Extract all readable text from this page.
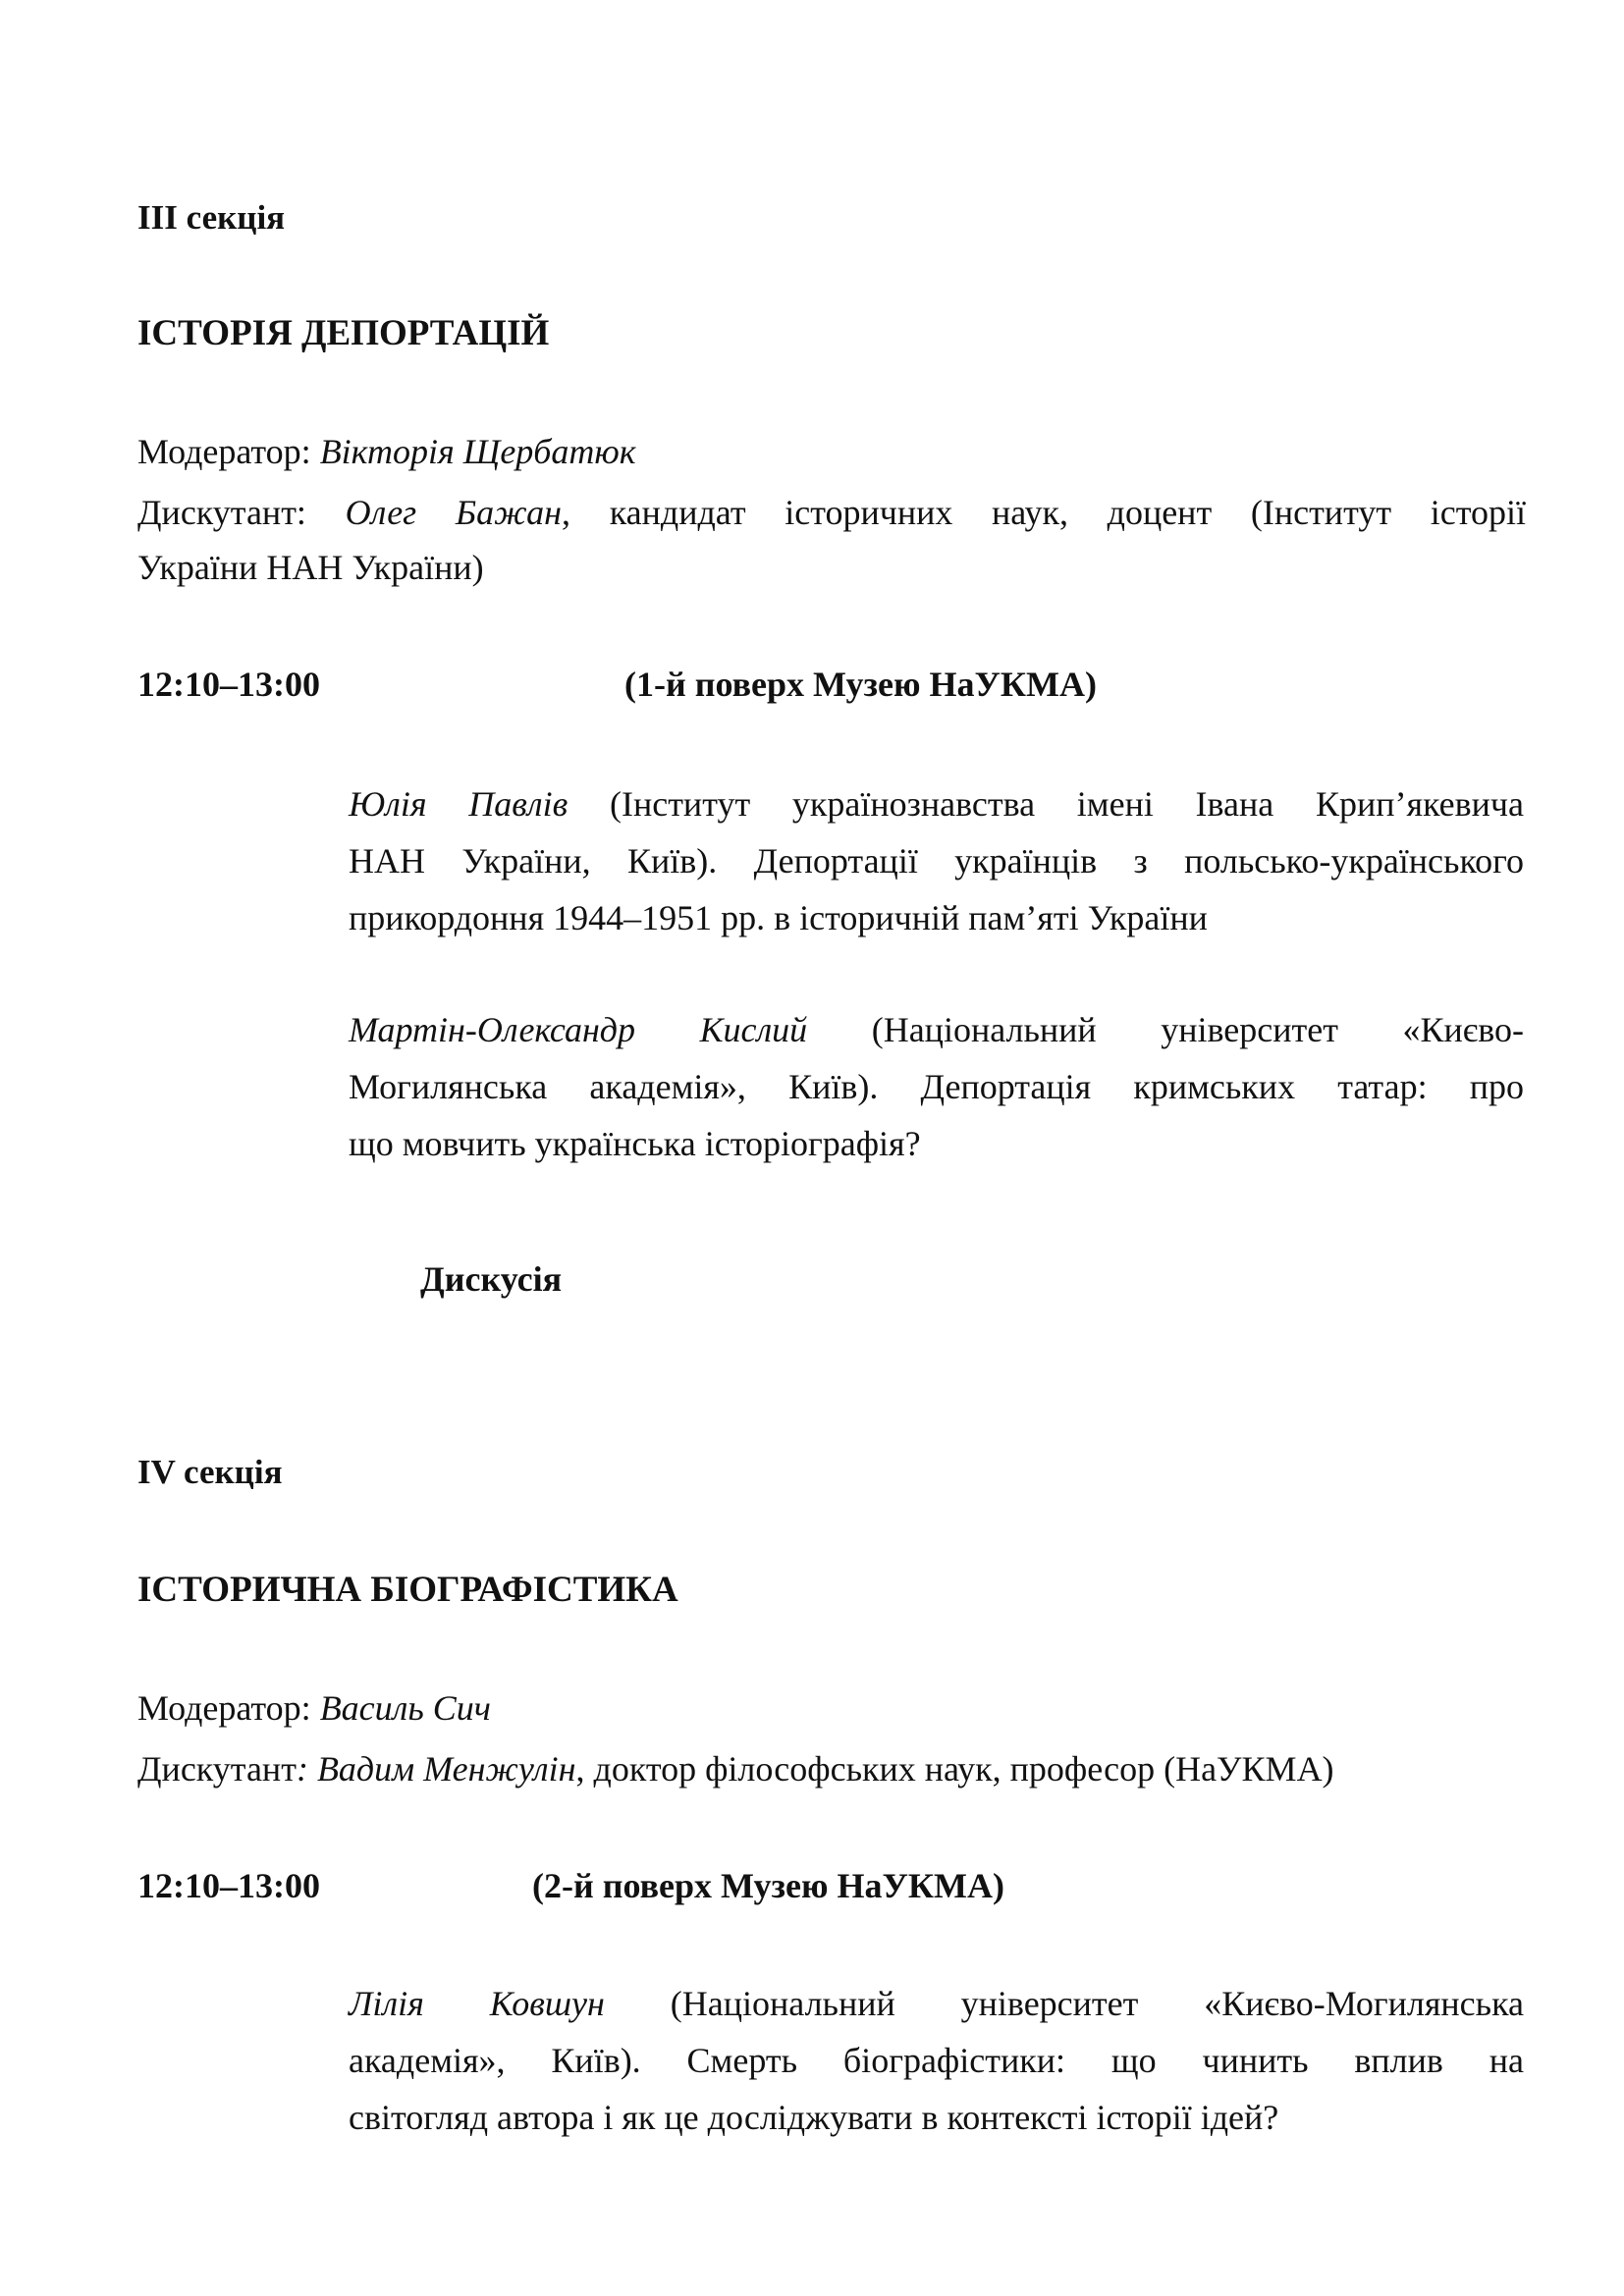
III секція
ІСТОРІЯ ДЕПОРТАЦІЙ
Модератор: Вікторія Щербатюк
Дискутант: Олег Бажан, кандидат історичних наук, доцент (Інститут історії
України НАН України)
12:10–13:00	(1-й поверх Музею НаУКМА)
Юлія Павлів (Інститут українознавства імені Івана Крип’якевича
НАН України, Київ). Депортації українців з польсько-українського
прикордоння 1944–1951 рр. в історичній пам’яті України
Мартін-Олександр Кислий (Національний університет «Києво-
Могилянська академія», Київ). Депортація кримських татар: про
що мовчить українська історіографія?
Дискусія
IV секція
ІСТОРИЧНА БІОГРАФІСТИКА
Модератор: Василь Сич
Дискутант: Вадим Менжулін, доктор філософських наук, професор (НаУКМА)
12:10–13:00	(2-й поверх Музею НаУКМА)
Лілія Ковшун (Національний університет «Києво-Могилянська
академія», Київ). Смерть біографістики: що чинить вплив на
світогляд автора і як це досліджувати в контексті історії ідей?
